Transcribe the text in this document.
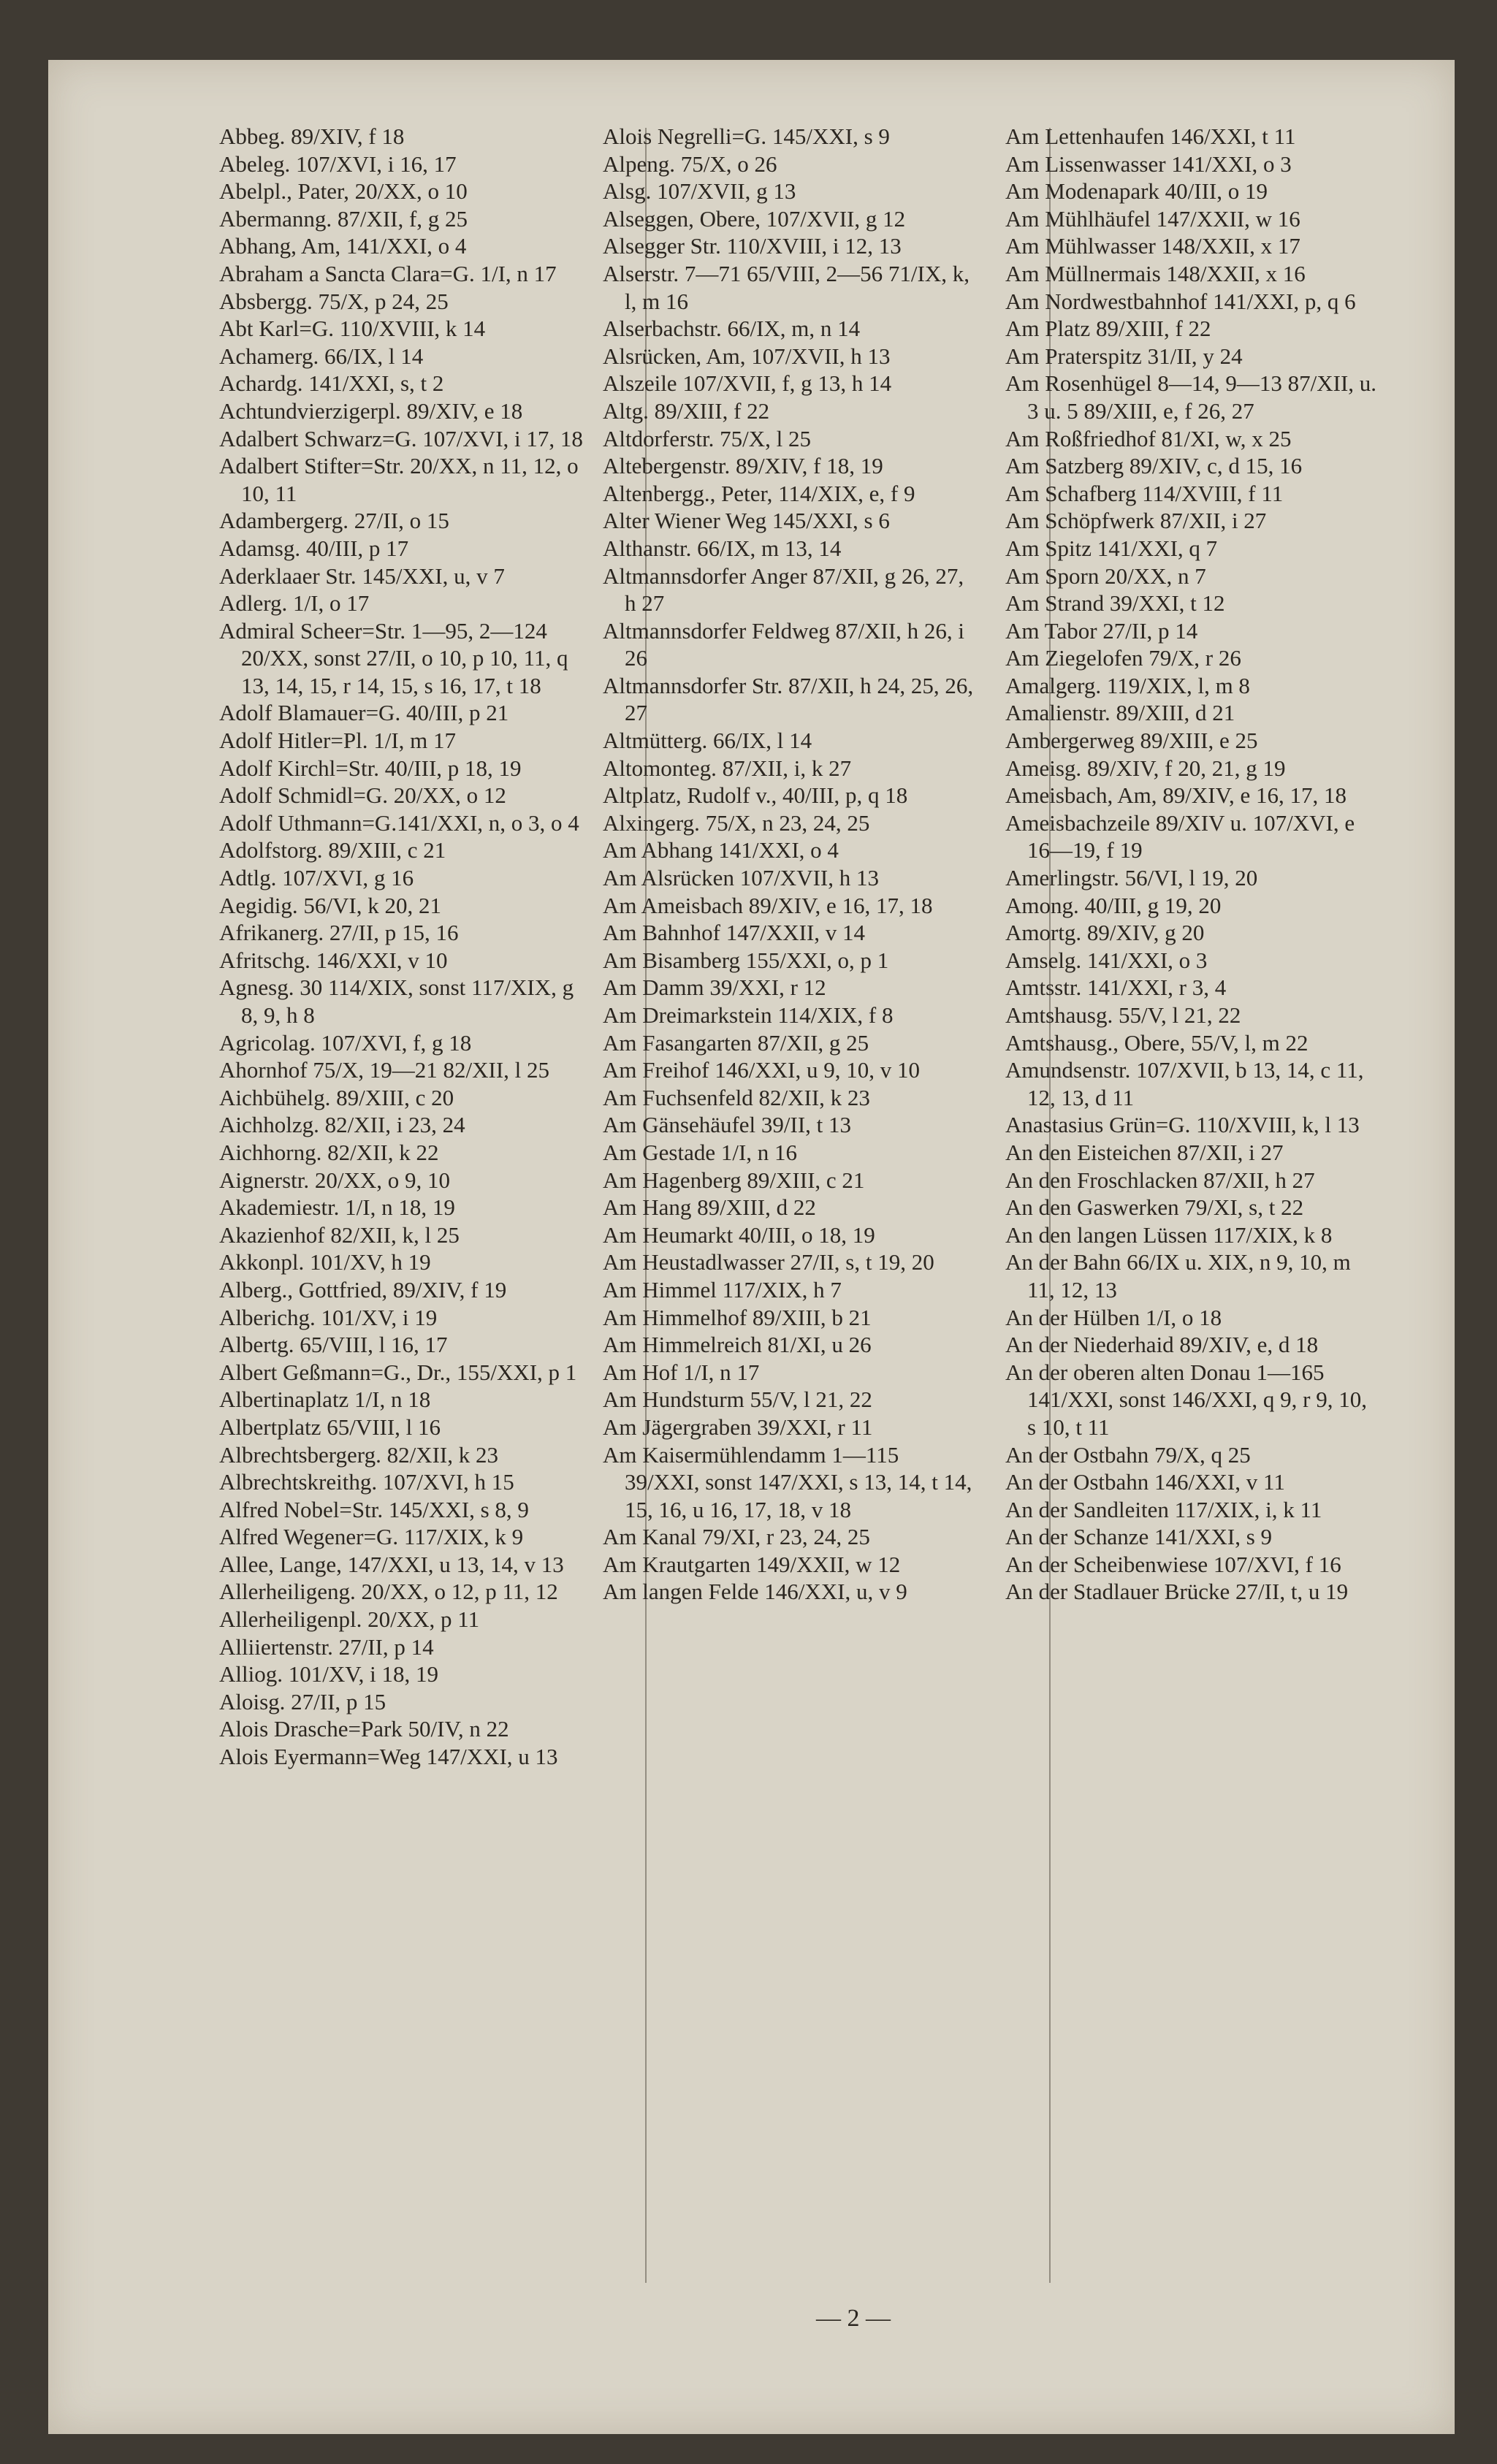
Abbeg. 89/XIV, f 18

Abeleg. 107/XVI, i 16, 17

Abelpl., Pater, 20/XX, o 10

Abermanng. 87/XII, f, g 25

Abhang, Am, 141/XXI, o 4

Abraham a Sancta Clara=G. 1/I, n 17

Absbergg. 75/X, p 24, 25

Abt Karl=G. 110/XVIII, k 14

Achamerg. 66/IX, l 14

Achardg. 141/XXI, s, t 2

Achtundvierzigerpl. 89/XIV, e 18

Adalbert Schwarz=G. 107/XVI, i 17, 18

Adalbert Stifter=Str. 20/XX, n 11, 12, o 10, 11

Adambergerg. 27/II, o 15

Adamsg. 40/III, p 17

Aderklaaer Str. 145/XXI, u, v 7

Adlerg. 1/I, o 17

Admiral Scheer=Str. 1—95, 2—124 20/XX, sonst 27/II, o 10, p 10, 11, q 13, 14, 15, r 14, 15, s 16, 17, t 18

Adolf Blamauer=G. 40/III, p 21

Adolf Hitler=Pl. 1/I, m 17

Adolf Kirchl=Str. 40/III, p 18, 19

Adolf Schmidl=G. 20/XX, o 12

Adolf Uthmann=G.141/XXI, n, o 3, o 4

Adolfstorg. 89/XIII, c 21

Adtlg. 107/XVI, g 16

Aegidig. 56/VI, k 20, 21

Afrikanerg. 27/II, p 15, 16

Afritschg. 146/XXI, v 10

Agnesg. 30 114/XIX, sonst 117/XIX, g 8, 9, h 8

Agricolag. 107/XVI, f, g 18

Ahornhof 75/X, 19—21 82/XII, l 25

Aichbühelg. 89/XIII, c 20

Aichholzg. 82/XII, i 23, 24

Aichhorng. 82/XII, k 22

Aignerstr. 20/XX, o 9, 10

Akademiestr. 1/I, n 18, 19

Akazienhof 82/XII, k, l 25

Akkonpl. 101/XV, h 19

Alberg., Gottfried, 89/XIV, f 19

Alberichg. 101/XV, i 19

Albertg. 65/VIII, l 16, 17

Albert Geßmann=G., Dr., 155/XXI, p 1

Albertinaplatz 1/I, n 18

Albertplatz 65/VIII, l 16

Albrechtsbergerg. 82/XII, k 23

Albrechtskreithg. 107/XVI, h 15

Alfred Nobel=Str. 145/XXI, s 8, 9

Alfred Wegener=G. 117/XIX, k 9

Allee, Lange, 147/XXI, u 13, 14, v 13

Allerheiligeng. 20/XX, o 12, p 11, 12

Allerheiligenpl. 20/XX, p 11

Alliiertenstr. 27/II, p 14

Alliog. 101/XV, i 18, 19

Aloisg. 27/II, p 15

Alois Drasche=Park 50/IV, n 22

Alois Eyermann=Weg 147/XXI, u 13

Alois Negrelli=G. 145/XXI, s 9

Alpeng. 75/X, o 26

Alsg. 107/XVII, g 13

Alseggen, Obere, 107/XVII, g 12

Alsegger Str. 110/XVIII, i 12, 13

Alserstr. 7—71 65/VIII, 2—56 71/IX, k, l, m 16

Alserbachstr. 66/IX, m, n 14

Alsrücken, Am, 107/XVII, h 13

Alszeile 107/XVII, f, g 13, h 14

Altg. 89/XIII, f 22

Altdorferstr. 75/X, l 25

Altebergenstr. 89/XIV, f 18, 19

Altenbergg., Peter, 114/XIX, e, f 9

Alter Wiener Weg 145/XXI, s 6

Althanstr. 66/IX, m 13, 14

Altmannsdorfer Anger 87/XII, g 26, 27, h 27

Altmannsdorfer Feldweg 87/XII, h 26, i 26

Altmannsdorfer Str. 87/XII, h 24, 25, 26, 27

Altmütterg. 66/IX, l 14

Altomonteg. 87/XII, i, k 27

Altplatz, Rudolf v., 40/III, p, q 18

Alxingerg. 75/X, n 23, 24, 25

Am Abhang 141/XXI, o 4

Am Alsrücken 107/XVII, h 13

Am Ameisbach 89/XIV, e 16, 17, 18

Am Bahnhof 147/XXII, v 14

Am Bisamberg 155/XXI, o, p 1

Am Damm 39/XXI, r 12

Am Dreimarkstein 114/XIX, f 8

Am Fasangarten 87/XII, g 25

Am Freihof 146/XXI, u 9, 10, v 10

Am Fuchsenfeld 82/XII, k 23

Am Gänsehäufel 39/II, t 13

Am Gestade 1/I, n 16

Am Hagenberg 89/XIII, c 21

Am Hang 89/XIII, d 22

Am Heumarkt 40/III, o 18, 19

Am Heustadlwasser 27/II, s, t 19, 20

Am Himmel 117/XIX, h 7

Am Himmelhof 89/XIII, b 21

Am Himmelreich 81/XI, u 26

Am Hof 1/I, n 17

Am Hundsturm 55/V, l 21, 22

Am Jägergraben 39/XXI, r 11

Am Kaisermühlendamm 1—115 39/XXI, sonst 147/XXI, s 13, 14, t 14, 15, 16, u 16, 17, 18, v 18

Am Kanal 79/XI, r 23, 24, 25

Am Krautgarten 149/XXII, w 12

Am langen Felde 146/XXI, u, v 9

Am Lettenhaufen 146/XXI, t 11

Am Lissenwasser 141/XXI, o 3

Am Modenapark 40/III, o 19

Am Mühlhäufel 147/XXII, w 16

Am Mühlwasser 148/XXII, x 17

Am Müllnermais 148/XXII, x 16

Am Nordwestbahnhof 141/XXI, p, q 6

Am Platz 89/XIII, f 22

Am Praterspitz 31/II, y 24

Am Rosenhügel 8—14, 9—13 87/XII, u. 3 u. 5 89/XIII, e, f 26, 27

Am Roßfriedhof 81/XI, w, x 25

Am Satzberg 89/XIV, c, d 15, 16

Am Schafberg 114/XVIII, f 11

Am Schöpfwerk 87/XII, i 27

Am Spitz 141/XXI, q 7

Am Sporn 20/XX, n 7

Am Strand 39/XXI, t 12

Am Tabor 27/II, p 14

Am Ziegelofen 79/X, r 26

Amalgerg. 119/XIX, l, m 8

Amalienstr. 89/XIII, d 21

Ambergerweg 89/XIII, e 25

Ameisg. 89/XIV, f 20, 21, g 19

Ameisbach, Am, 89/XIV, e 16, 17, 18

Ameisbachzeile 89/XIV u. 107/XVI, e 16—19, f 19

Amerlingstr. 56/VI, l 19, 20

Among. 40/III, g 19, 20

Amortg. 89/XIV, g 20

Amselg. 141/XXI, o 3

Amtsstr. 141/XXI, r 3, 4

Amtshausg. 55/V, l 21, 22

Amtshausg., Obere, 55/V, l, m 22

Amundsenstr. 107/XVII, b 13, 14, c 11, 12, 13, d 11

Anastasius Grün=G. 110/XVIII, k, l 13

An den Eisteichen 87/XII, i 27

An den Froschlacken 87/XII, h 27

An den Gaswerken 79/XI, s, t 22

An den langen Lüssen 117/XIX, k 8

An der Bahn 66/IX u. XIX, n 9, 10, m 11, 12, 13

An der Hülben 1/I, o 18

An der Niederhaid 89/XIV, e, d 18

An der oberen alten Donau 1—165 141/XXI, sonst 146/XXI, q 9, r 9, 10, s 10, t 11

An der Ostbahn 79/X, q 25

An der Ostbahn 146/XXI, v 11

An der Sandleiten 117/XIX, i, k 11

An der Schanze 141/XXI, s 9

An der Scheibenwiese 107/XVI, f 16

An der Stadlauer Brücke 27/II, t, u 19

— 2 —
